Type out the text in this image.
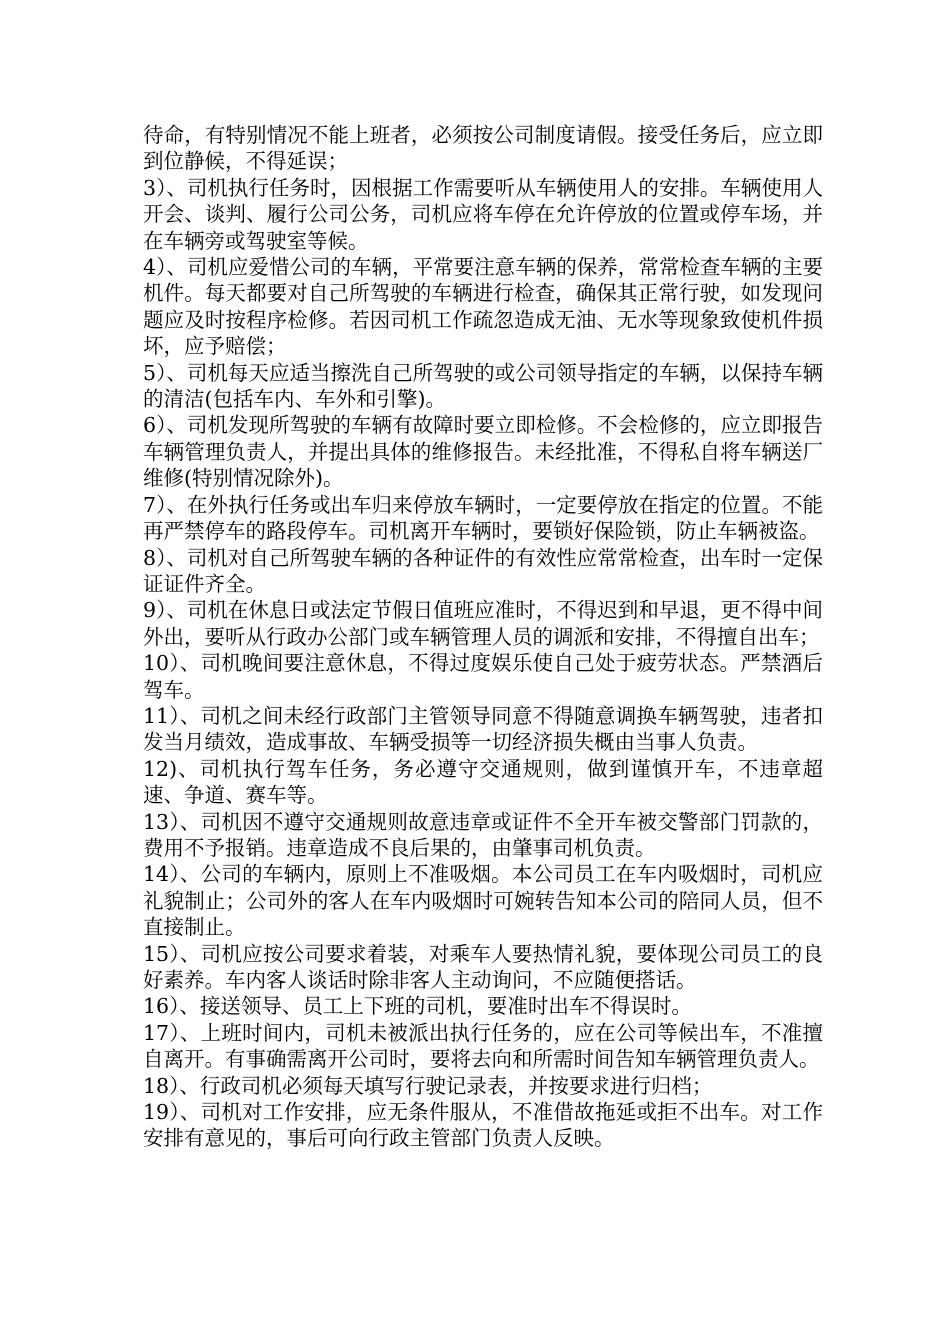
待命，有特别情况不能上班者，必须按公司制度请假。接受任务后，应立即到位静候，不得延误；

3）、司机执行任务时，因根据工作需要听从车辆使用人的安排。车辆使用人开会、谈判、履行公司公务，司机应将车停在允许停放的位置或停车场，并在车辆旁或驾驶室等候。

4）、司机应爱惜公司的车辆，平常要注意车辆的保养，常常检查车辆的主要机件。每天都要对自己所驾驶的车辆进行检查，确保其正常行驶，如发现问题应及时按程序检修。若因司机工作疏忽造成无油、无水等现象致使机件损坏，应予赔偿；

5）、司机每天应适当擦洗自己所驾驶的或公司领导指定的车辆，以保持车辆的清洁(包括车内、车外和引擎)。

6）、司机发现所驾驶的车辆有故障时要立即检修。不会检修的，应立即报告车辆管理负责人，并提出具体的维修报告。未经批准，不得私自将车辆送厂维修(特别情况除外)。

7）、在外执行任务或出车归来停放车辆时，一定要停放在指定的位置。不能再严禁停车的路段停车。司机离开车辆时，要锁好保险锁，防止车辆被盗。

8）、司机对自己所驾驶车辆的各种证件的有效性应常常检查，出车时一定保证证件齐全。

9）、司机在休息日或法定节假日值班应准时，不得迟到和早退，更不得中间外出，要听从行政办公部门或车辆管理人员的调派和安排，不得擅自出车；

10）、司机晚间要注意休息，不得过度娱乐使自己处于疲劳状态。严禁酒后驾车。

11）、司机之间未经行政部门主管领导同意不得随意调换车辆驾驶，违者扣发当月绩效，造成事故、车辆受损等一切经济损失概由当事人负责。

12)、司机执行驾车任务，务必遵守交通规则，做到谨慎开车，不违章超速、争道、赛车等。

13）、司机因不遵守交通规则故意违章或证件不全开车被交警部门罚款的，费用不予报销。违章造成不良后果的，由肇事司机负责。

14）、公司的车辆内，原则上不准吸烟。本公司员工在车内吸烟时，司机应礼貌制止；公司外的客人在车内吸烟时可婉转告知本公司的陪同人员，但不直接制止。

15）、司机应按公司要求着装，对乘车人要热情礼貌，要体现公司员工的良好素养。车内客人谈话时除非客人主动询问，不应随便搭话。

16）、接送领导、员工上下班的司机，要准时出车不得误时。

17）、上班时间内，司机未被派出执行任务的，应在公司等候出车，不准擅自离开。有事确需离开公司时，要将去向和所需时间告知车辆管理负责人。

18）、行政司机必须每天填写行驶记录表，并按要求进行归档；

19）、司机对工作安排，应无条件服从，不准借故拖延或拒不出车。对工作安排有意见的，事后可向行政主管部门负责人反映。
